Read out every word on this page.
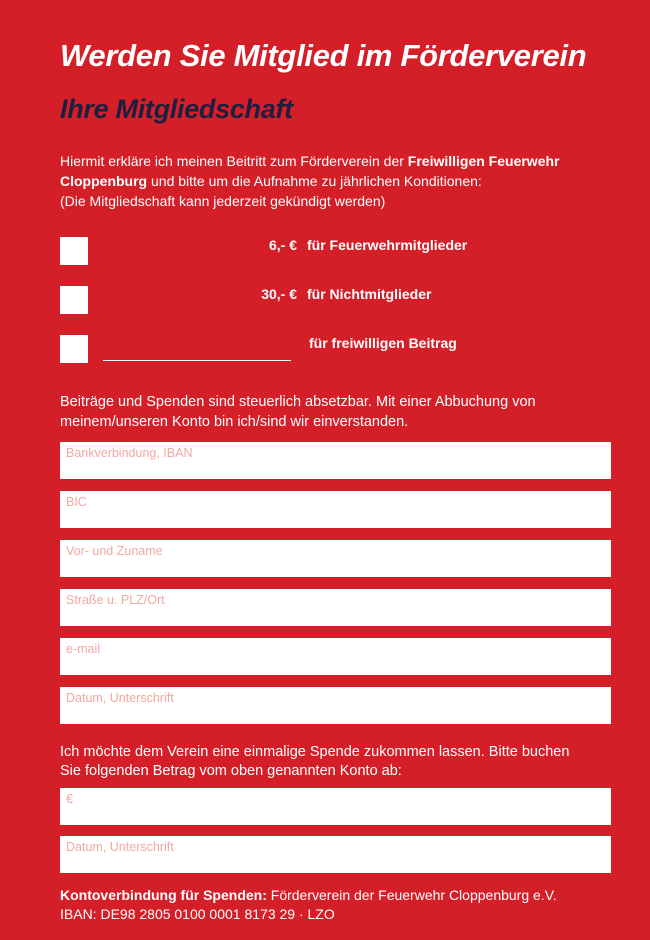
Werden Sie Mitglied im Förderverein
Ihre Mitgliedschaft
Hiermit erkläre ich meinen Beitritt zum Förderverein der Freiwilligen Feuerwehr
Cloppenburg und bitte um die Aufnahme zu jährlichen Konditionen:
(Die Mitgliedschaft kann jederzeit gekündigt werden)
6,- € für Feuerwehrmitglieder
30,- € für Nichtmitglieder
für freiwilligen Beitrag
Beiträge und Spenden sind steuerlich absetzbar. Mit einer Abbuchung von
meinem/unseren Konto bin ich/sind wir einverstanden.
Bankverbindung, IBAN
BIC
Vor- und Zuname
Straße u. PLZ/Ort
e-mail
Datum, Unterschrift
Ich möchte dem Verein eine einmalige Spende zukommen lassen. Bitte buchen
Sie folgenden Betrag vom oben genannten Konto ab:
€
Datum, Unterschrift
Kontoverbindung für Spenden: Förderverein der Feuerwehr Cloppenburg e.V.
IBAN: DE98 2805 0100 0001 8173 29 · LZO
